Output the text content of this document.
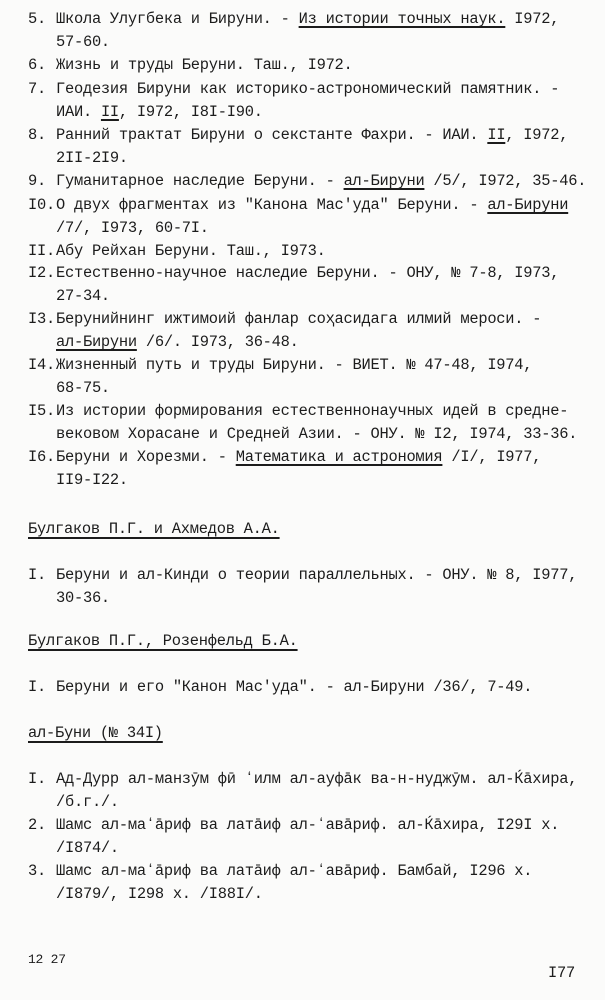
5. Школа Улугбека и Бируни. - Из истории точных наук. I972,
57-60.
6. Жизнь и труды Беруни. Таш., I972.
7. Геодезия Бируни как историко-астрономический памятник. -
ИАИ. II, I972, I8I-I90.
8. Ранний трактат Бируни о секстанте Фахри. - ИАИ. II, I972,
2II-2I9.
9. Гуманитарное наследие Беруни. - ал-Бируни /5/, I972, 35-46.
I0. О двух фрагментах из "Канона Мас'уда" Беруни. - ал-Бируни
/7/, I973, 60-7I.
II. Абу Рейхан Беруни. Таш., I973.
I2. Естественно-научное наследие Беруни. - ОНУ, № 7-8, I973,
27-34.
I3. Берунийнинг ижтимоий фанлар соҳасидага илмий мероси. -
ал-Бируни /6/. I973, 36-48.
I4. Жизненный путь и труды Бируни. - ВИЕТ. № 47-48, I974,
68-75.
I5. Из истории формирования естественнонаучных идей в средне-
вековом Хорасане и Средней Азии. - ОНУ. № I2, I974, 33-36.
I6. Беруни и Хорезми. - Математика и астрономия /I/, I977,
II9-I22.
Булгаков П.Г. и Ахмедов А.А.
I. Беруни и ал-Кинди о теории параллельных. - ОНУ. № 8, I977,
30-36.
Булгаков П.Г., Розенфельд Б.А.
I. Беруни и его "Канон Мас'уда". - ал-Бируни /36/, 7-49.
ал-Буни (№ 34I)
I. Ад-Дурр ал-манзӯм фӣ ʻилм ал-ауфāк ва-н-нуджӯм. ал-Ќāхира,
/б.г./.
2. Шамс ал-маʻāриф ва латāиф ал-ʻавāриф. ал-Ќāхира, I29I х.
/I874/.
3. Шамс ал-маʻāриф ва латāиф ал-ʻавāриф. Бамбай, I296 х.
/I879/, I298 х. /I88I/.
12 27
I77
